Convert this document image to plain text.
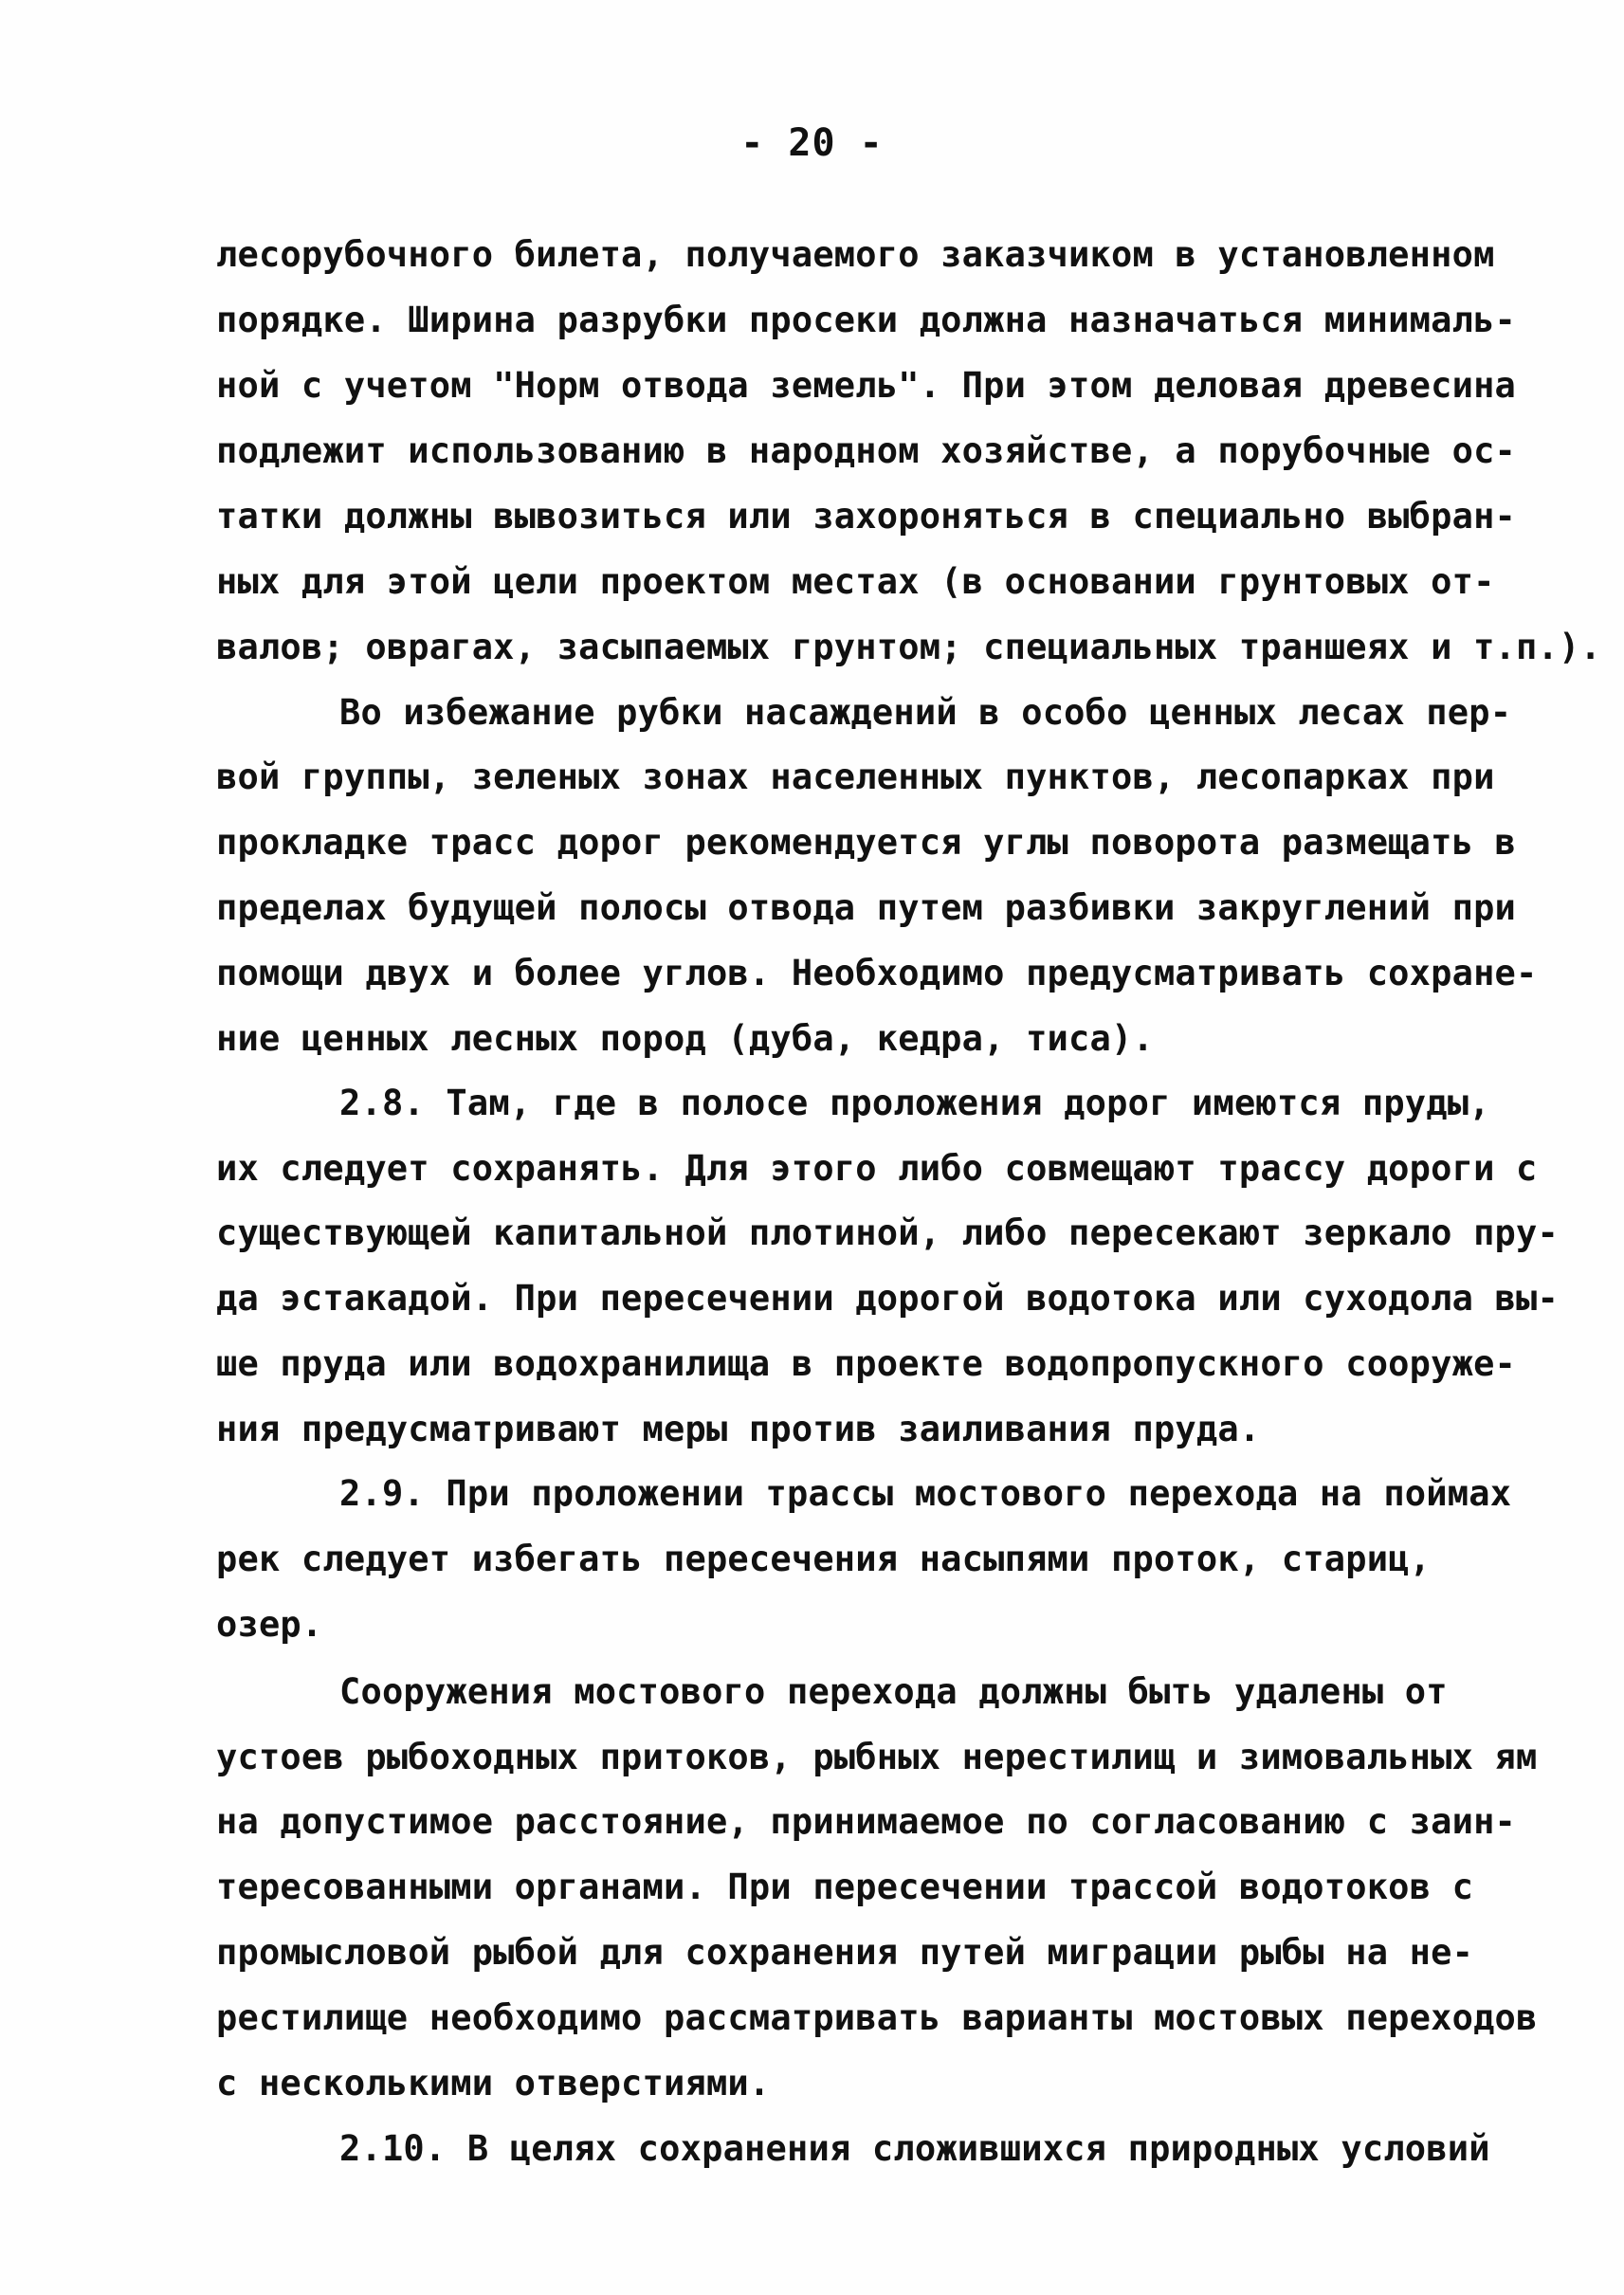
- 20 -
лесорубочного билета, получаемого заказчиком в установленном
порядке. Ширина разрубки просеки должна назначаться минималь-
ной с учетом "Норм отвода земель". При этом деловая древесина
подлежит использованию в народном хозяйстве, а порубочные ос-
татки должны вывозиться или захороняться в специально выбран-
ных для этой цели проектом местах (в основании грунтовых от-
валов; оврагах, засыпаемых грунтом; специальных траншеях и т.п.).
Во избежание рубки насаждений в особо ценных лесах пер-
вой группы, зеленых зонах населенных пунктов, лесопарках при
прокладке трасс дорог рекомендуется углы поворота размещать в
пределах будущей полосы отвода путем разбивки закруглений при
помощи двух и более углов. Необходимо предусматривать сохране-
ние ценных лесных пород (дуба, кедра, тиса).
2.8. Там, где в полосе проложения дорог имеются пруды,
их следует сохранять. Для этого либо совмещают трассу дороги с
существующей капитальной плотиной, либо пересекают зеркало пру-
да эстакадой. При пересечении дорогой водотока или суходола вы-
ше пруда или водохранилища в проекте водопропускного сооруже-
ния предусматривают меры против заиливания пруда.
2.9. При проложении трассы мостового перехода на поймах
рек следует избегать пересечения насыпями проток, стариц,
озер.
Сооружения мостового перехода должны быть удалены от
устоев рыбоходных притоков, рыбных нерестилищ и зимовальных ям
на допустимое расстояние, принимаемое по согласованию с заин-
тересованными органами. При пересечении трассой водотоков с
промысловой рыбой для сохранения путей миграции рыбы на не-
рестилище необходимо рассматривать варианты мостовых переходов
с несколькими отверстиями.
2.10. В целях сохранения сложившихся природных условий
